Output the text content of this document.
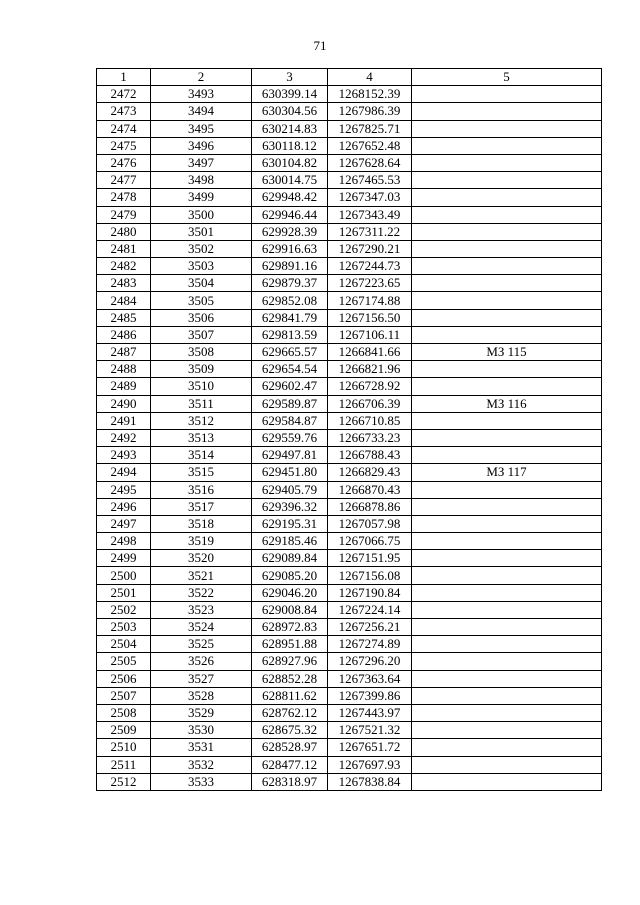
71
1	2	3	4	5
2472	3493	630399.14	1268152.39	
2473	3494	630304.56	1267986.39	
2474	3495	630214.83	1267825.71	
2475	3496	630118.12	1267652.48	
2476	3497	630104.82	1267628.64	
2477	3498	630014.75	1267465.53	
2478	3499	629948.42	1267347.03	
2479	3500	629946.44	1267343.49	
2480	3501	629928.39	1267311.22	
2481	3502	629916.63	1267290.21	
2482	3503	629891.16	1267244.73	
2483	3504	629879.37	1267223.65	
2484	3505	629852.08	1267174.88	
2485	3506	629841.79	1267156.50	
2486	3507	629813.59	1267106.11	
2487	3508	629665.57	1266841.66	МЗ 115
2488	3509	629654.54	1266821.96	
2489	3510	629602.47	1266728.92	
2490	3511	629589.87	1266706.39	МЗ 116
2491	3512	629584.87	1266710.85	
2492	3513	629559.76	1266733.23	
2493	3514	629497.81	1266788.43	
2494	3515	629451.80	1266829.43	МЗ 117
2495	3516	629405.79	1266870.43	
2496	3517	629396.32	1266878.86	
2497	3518	629195.31	1267057.98	
2498	3519	629185.46	1267066.75	
2499	3520	629089.84	1267151.95	
2500	3521	629085.20	1267156.08	
2501	3522	629046.20	1267190.84	
2502	3523	629008.84	1267224.14	
2503	3524	628972.83	1267256.21	
2504	3525	628951.88	1267274.89	
2505	3526	628927.96	1267296.20	
2506	3527	628852.28	1267363.64	
2507	3528	628811.62	1267399.86	
2508	3529	628762.12	1267443.97	
2509	3530	628675.32	1267521.32	
2510	3531	628528.97	1267651.72	
2511	3532	628477.12	1267697.93	
2512	3533	628318.97	1267838.84	
